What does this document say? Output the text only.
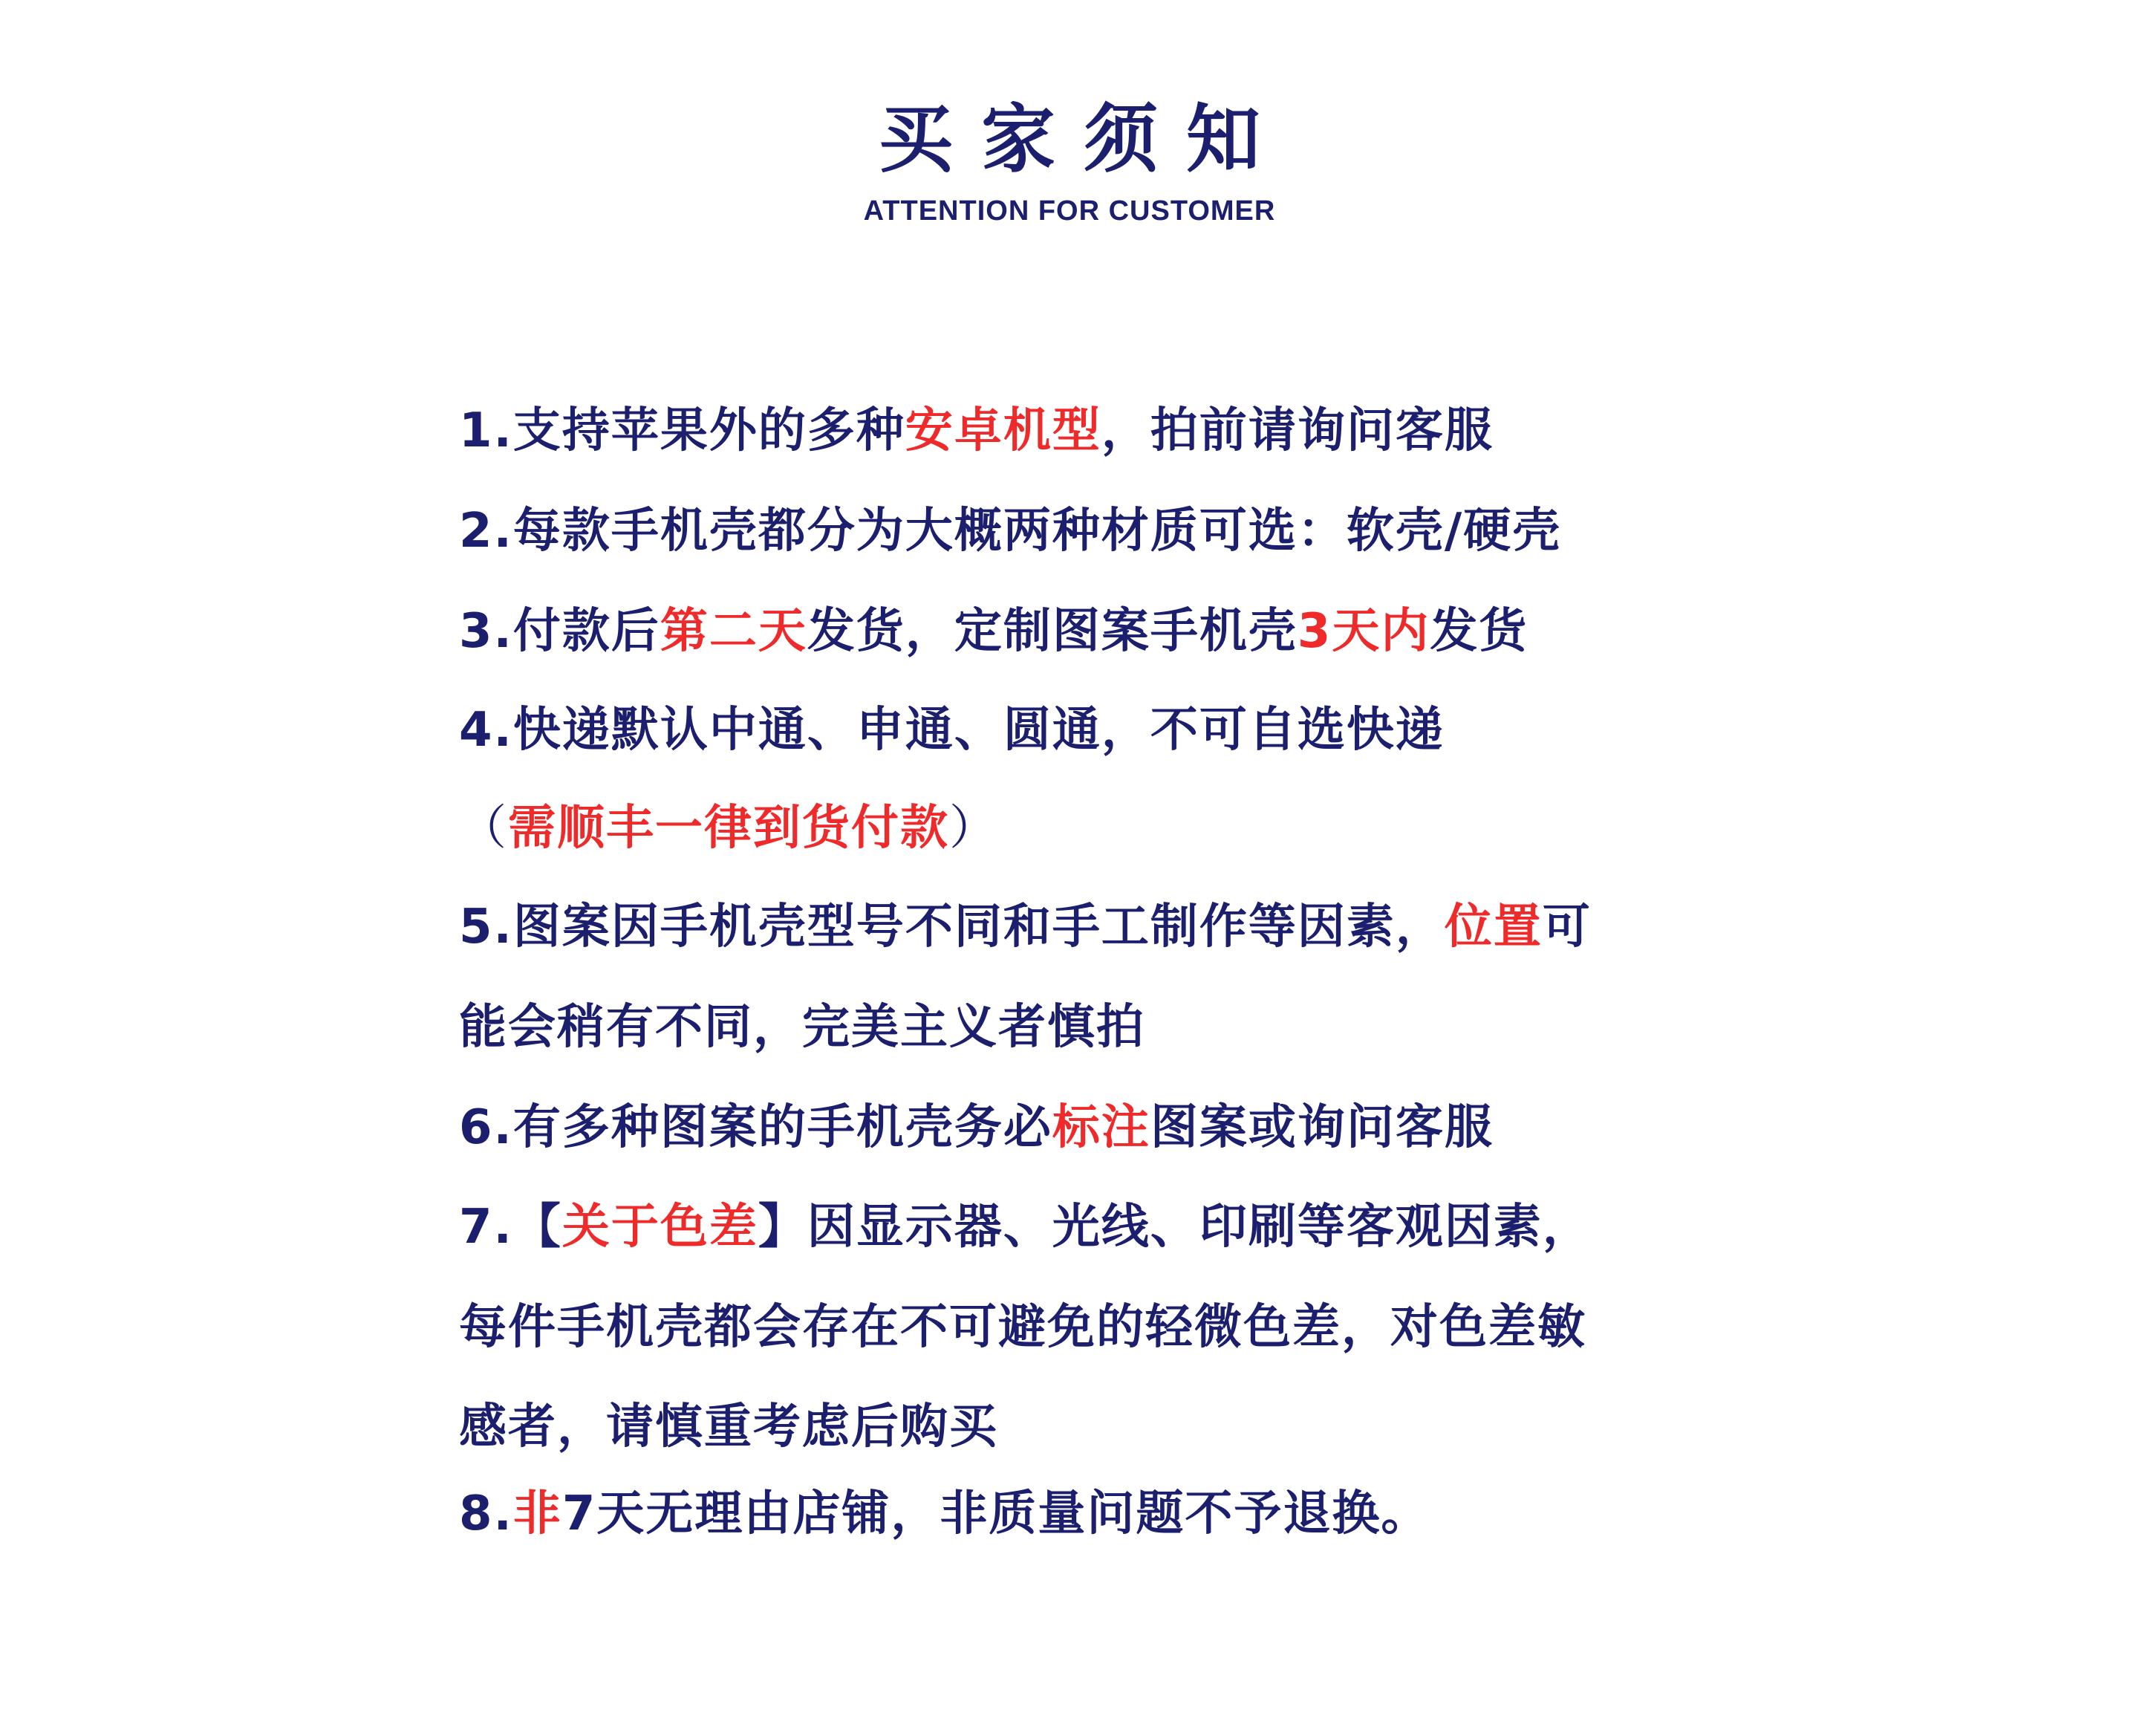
买家须知
ATTENTION FOR CUSTOMER
1.支持苹果外的多种安卓机型，拍前请询问客服
2.每款手机壳都分为大概两种材质可选：软壳/硬壳
3.付款后第二天发货，定制图案手机壳3天内发货
4.快递默认中通、申通、圆通，不可自选快递
（需顺丰一律到货付款）
5.图案因手机壳型号不同和手工制作等因素，位置可
能会稍有不同，完美主义者慎拍
6.有多种图案的手机壳务必标注图案或询问客服
7.【关于色差】因显示器、光线、印刷等客观因素，
每件手机壳都会存在不可避免的轻微色差，对色差敏
感者，请慎重考虑后购买
8.非7天无理由店铺，非质量问题不予退换。
